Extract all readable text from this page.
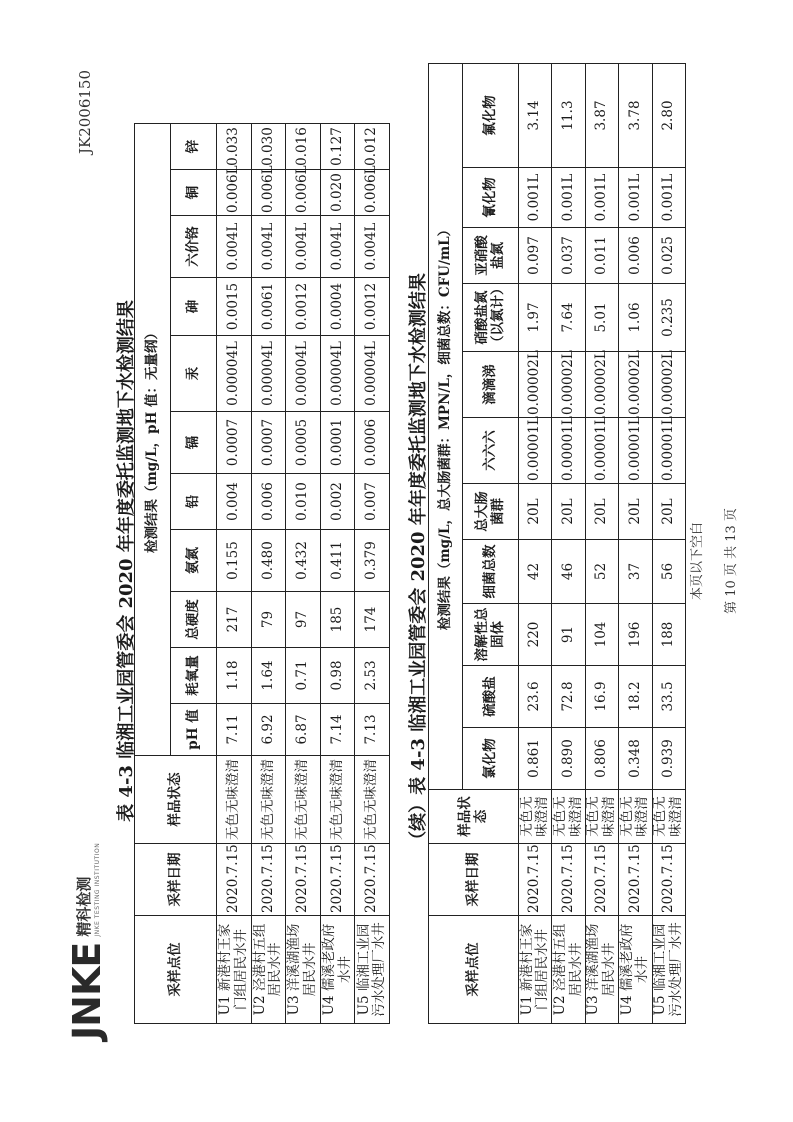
JNKE
精科检测 JNKE TESTING INSTITUTION
JK2006150
表 4-3 临湘工业园管委会 2020 年年度委托监测地下水检测结果
采样点位	采样日期	样品状态	检测结果（mg/L，pH 值：无量纲）										
			pH 值	耗氧量	总硬度	氨氮	铅	镉	汞	砷	六价铬	铜	锌
U1 新港村王家门组居民水井	2020.7.15	无色无味澄清	7.11	1.18	217	0.155	0.004	0.0007	0.00004L	0.0015	0.004L	0.006L	0.033
U2 泾港村五组居民水井	2020.7.15	无色无味澄清	6.92	1.64	79	0.480	0.006	0.0007	0.00004L	0.0061	0.004L	0.006L	0.030
U3 洋溪湖渔场居民水井	2020.7.15	无色无味澄清	6.87	0.71	97	0.432	0.010	0.0005	0.00004L	0.0012	0.004L	0.006L	0.016
U4 儒溪老政府水井	2020.7.15	无色无味澄清	7.14	0.98	185	0.411	0.002	0.0001	0.00004L	0.0004	0.004L	0.020	0.127
U5 临湘工业园污水处理厂水井	2020.7.15	无色无味澄清	7.13	2.53	174	0.379	0.007	0.0006	0.00004L	0.0012	0.004L	0.006L	0.012
（续）表 4-3 临湘工业园管委会 2020 年年度委托监测地下水检测结果
采样点位	采样日期	样品状态	检测结果（mg/L，总大肠菌群：MPN/L，细菌总数：CFU/mL）										
			氯化物	硫酸盐	溶解性总固体	细菌总数	总大肠菌群	六六六	滴滴涕	硝酸盐氮（以氮计）	亚硝酸盐氮	氰化物	氟化物
U1 新港村王家门组居民水井	2020.7.15	无色无味澄清	0.861	23.6	220	42	20L	0.00001L	0.00002L	1.97	0.097	0.001L	3.14
U2 泾港村五组居民水井	2020.7.15	无色无味澄清	0.890	72.8	91	46	20L	0.00001L	0.00002L	7.64	0.037	0.001L	11.3
U3 洋溪湖渔场居民水井	2020.7.15	无色无味澄清	0.806	16.9	104	52	20L	0.00001L	0.00002L	5.01	0.011	0.001L	3.87
U4 儒溪老政府水井	2020.7.15	无色无味澄清	0.348	18.2	196	37	20L	0.00001L	0.00002L	1.06	0.006	0.001L	3.78
U5 临湘工业园污水处理厂水井	2020.7.15	无色无味澄清	0.939	33.5	188	56	20L	0.00001L	0.00002L	0.235	0.025	0.001L	2.80
本页以下空白	第 10 页 共 13 页
